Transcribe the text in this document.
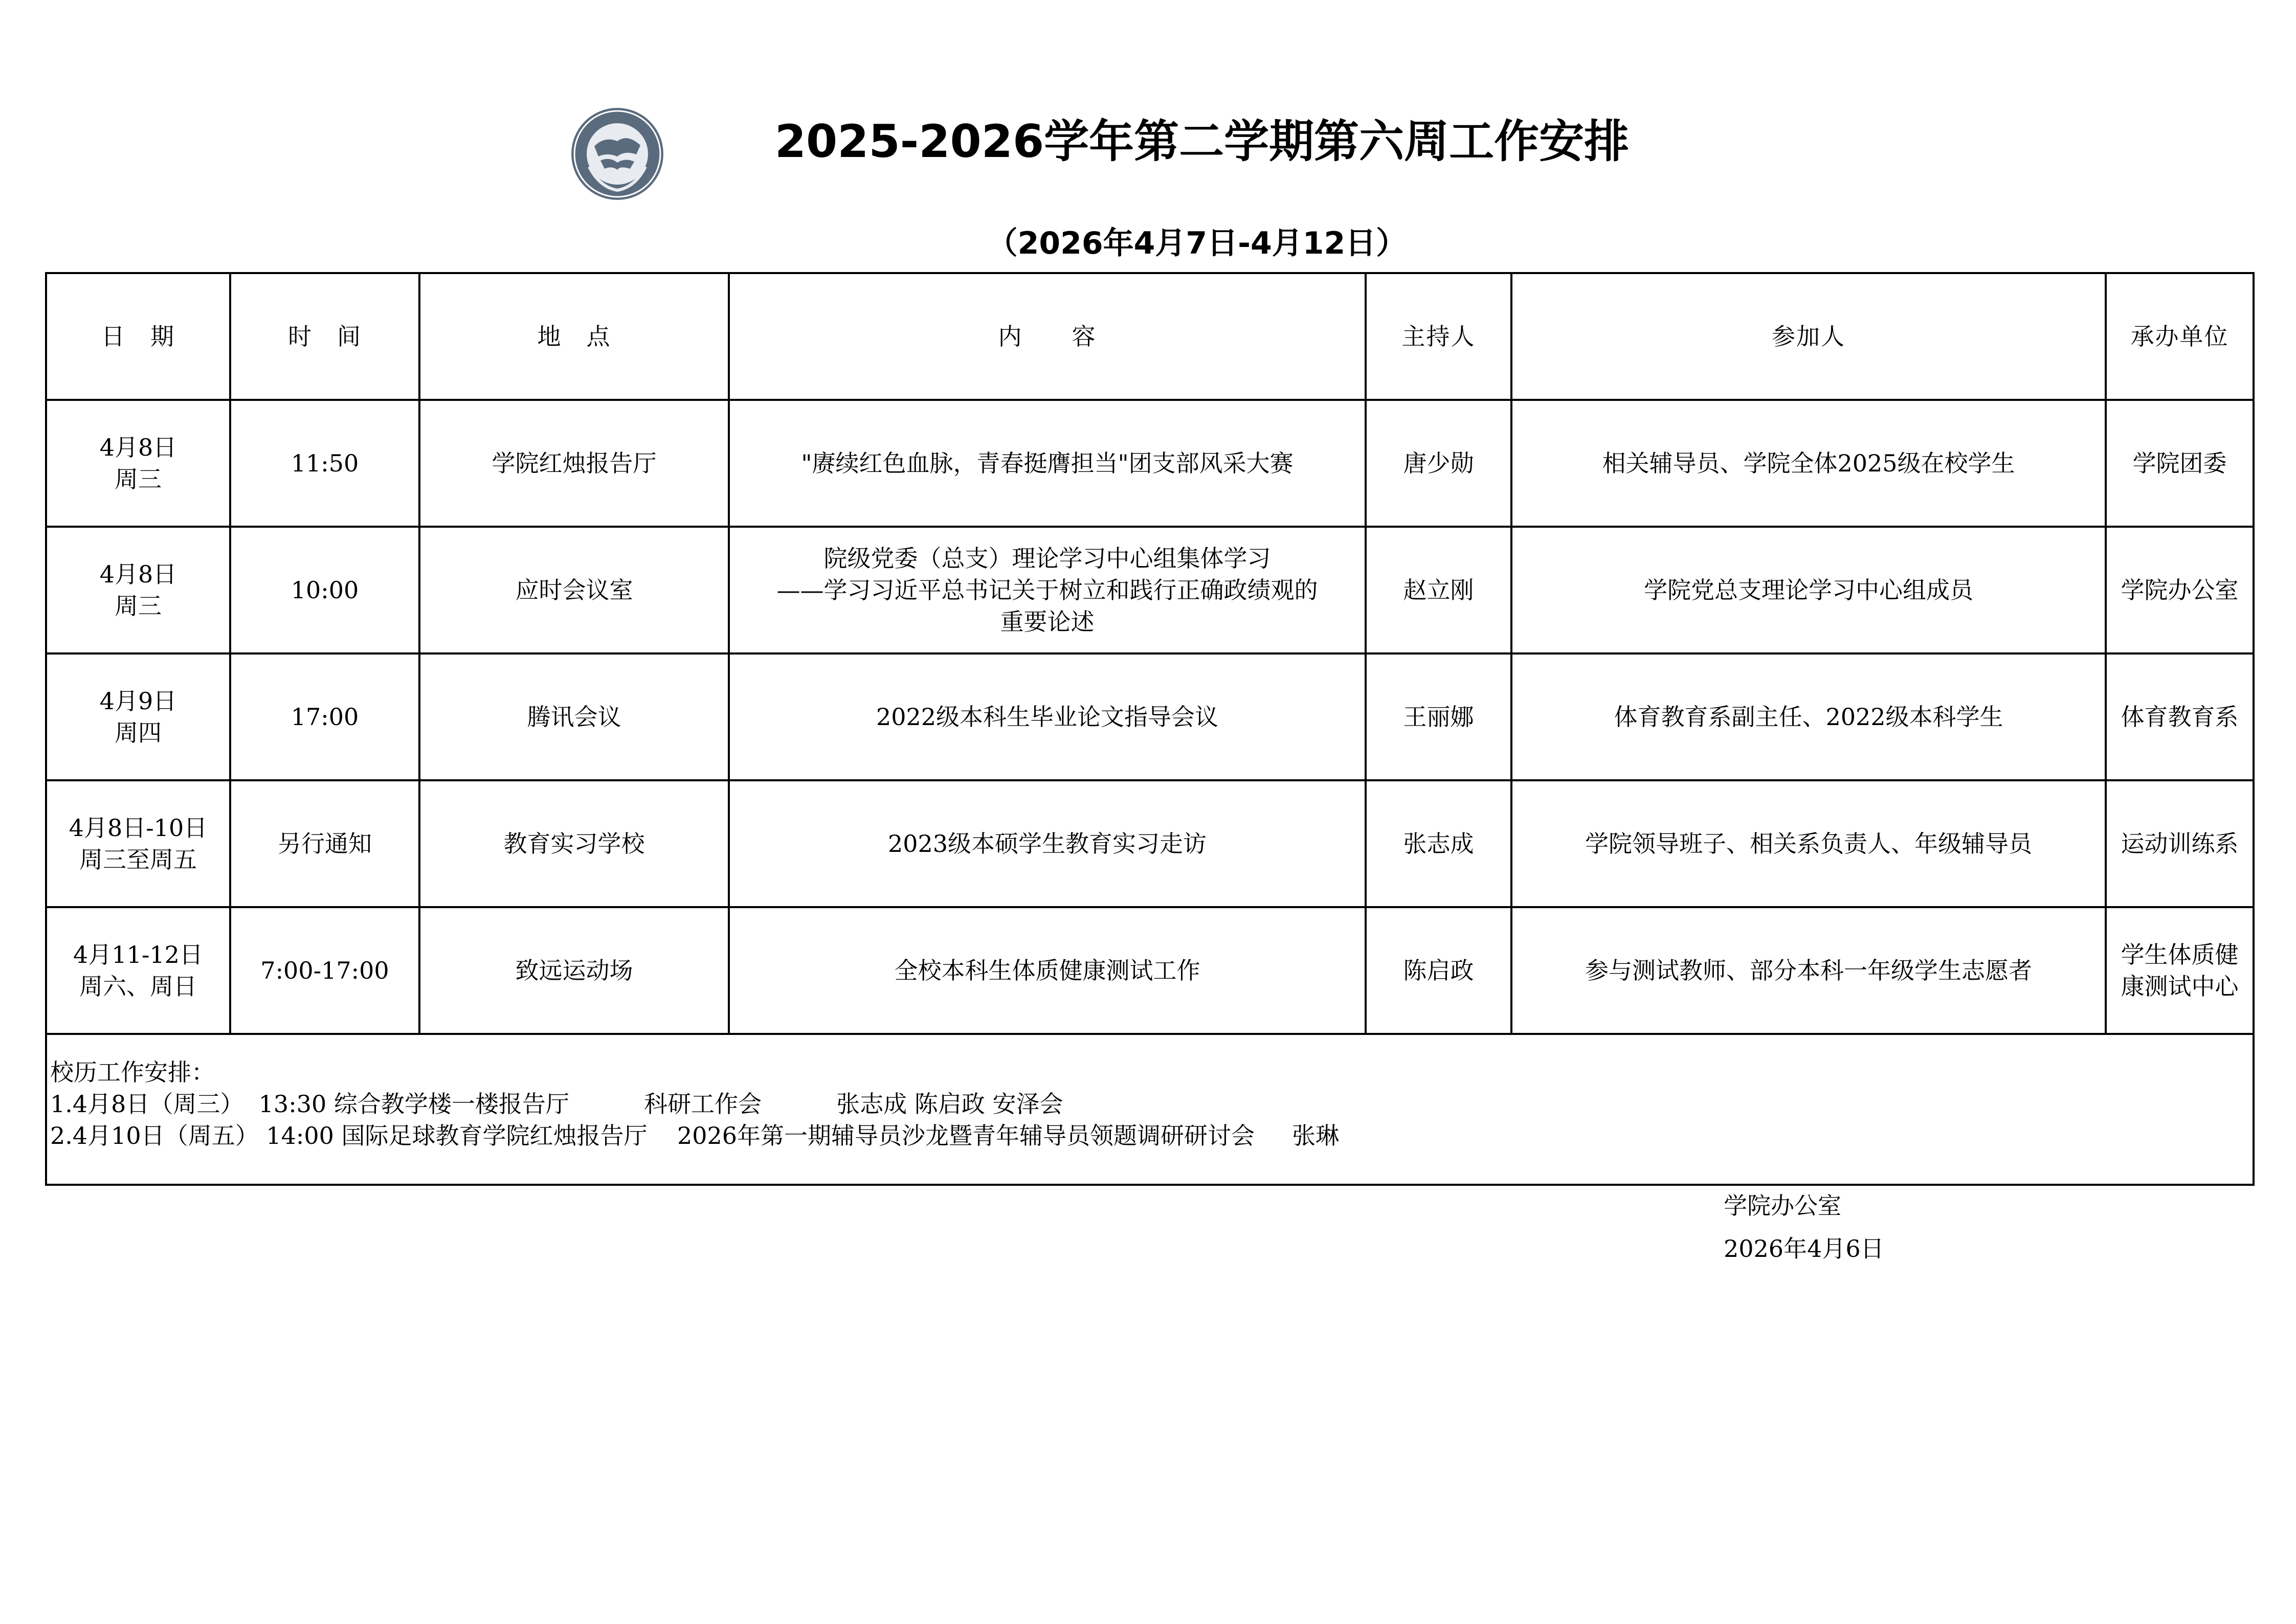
2025-2026学年第二学期第六周工作安排
（2026年4月7日-4月12日）
日　期	时　间	地　点	内　　容	主持人	参加人	承办单位

4月8日
周三	11:50	学院红烛报告厅	"赓续红色血脉，青春挺膺担当"团支部风采大赛	唐少勋	相关辅导员、学院全体2025级在校学生	学院团委

4月8日
周三	10:00	应时会议室	院级党委（总支）理论学习中心组集体学习
——学习习近平总书记关于树立和践行正确政绩观的
重要论述	赵立刚	学院党总支理论学习中心组成员	学院办公室

4月9日
周四	17:00	腾讯会议	2022级本科生毕业论文指导会议	王丽娜	体育教育系副主任、2022级本科学生	体育教育系

4月8日-10日
周三至周五	另行通知	教育实习学校	2023级本硕学生教育实习走访	张志成	学院领导班子、相关系负责人、年级辅导员	运动训练系

4月11-12日
周六、周日	7:00-17:00	致远运动场	全校本科生体质健康测试工作	陈启政	参与测试教师、部分本科一年级学生志愿者	学生体质健
康测试中心

校历工作安排：
1.4月8日（周三）  13:30 综合教学楼一楼报告厅          科研工作会          张志成 陈启政 安泽会
2.4月10日（周五） 14:00 国际足球教育学院红烛报告厅    2026年第一期辅导员沙龙暨青年辅导员领题调研研讨会     张琳						
学院办公室
2026年4月6日
